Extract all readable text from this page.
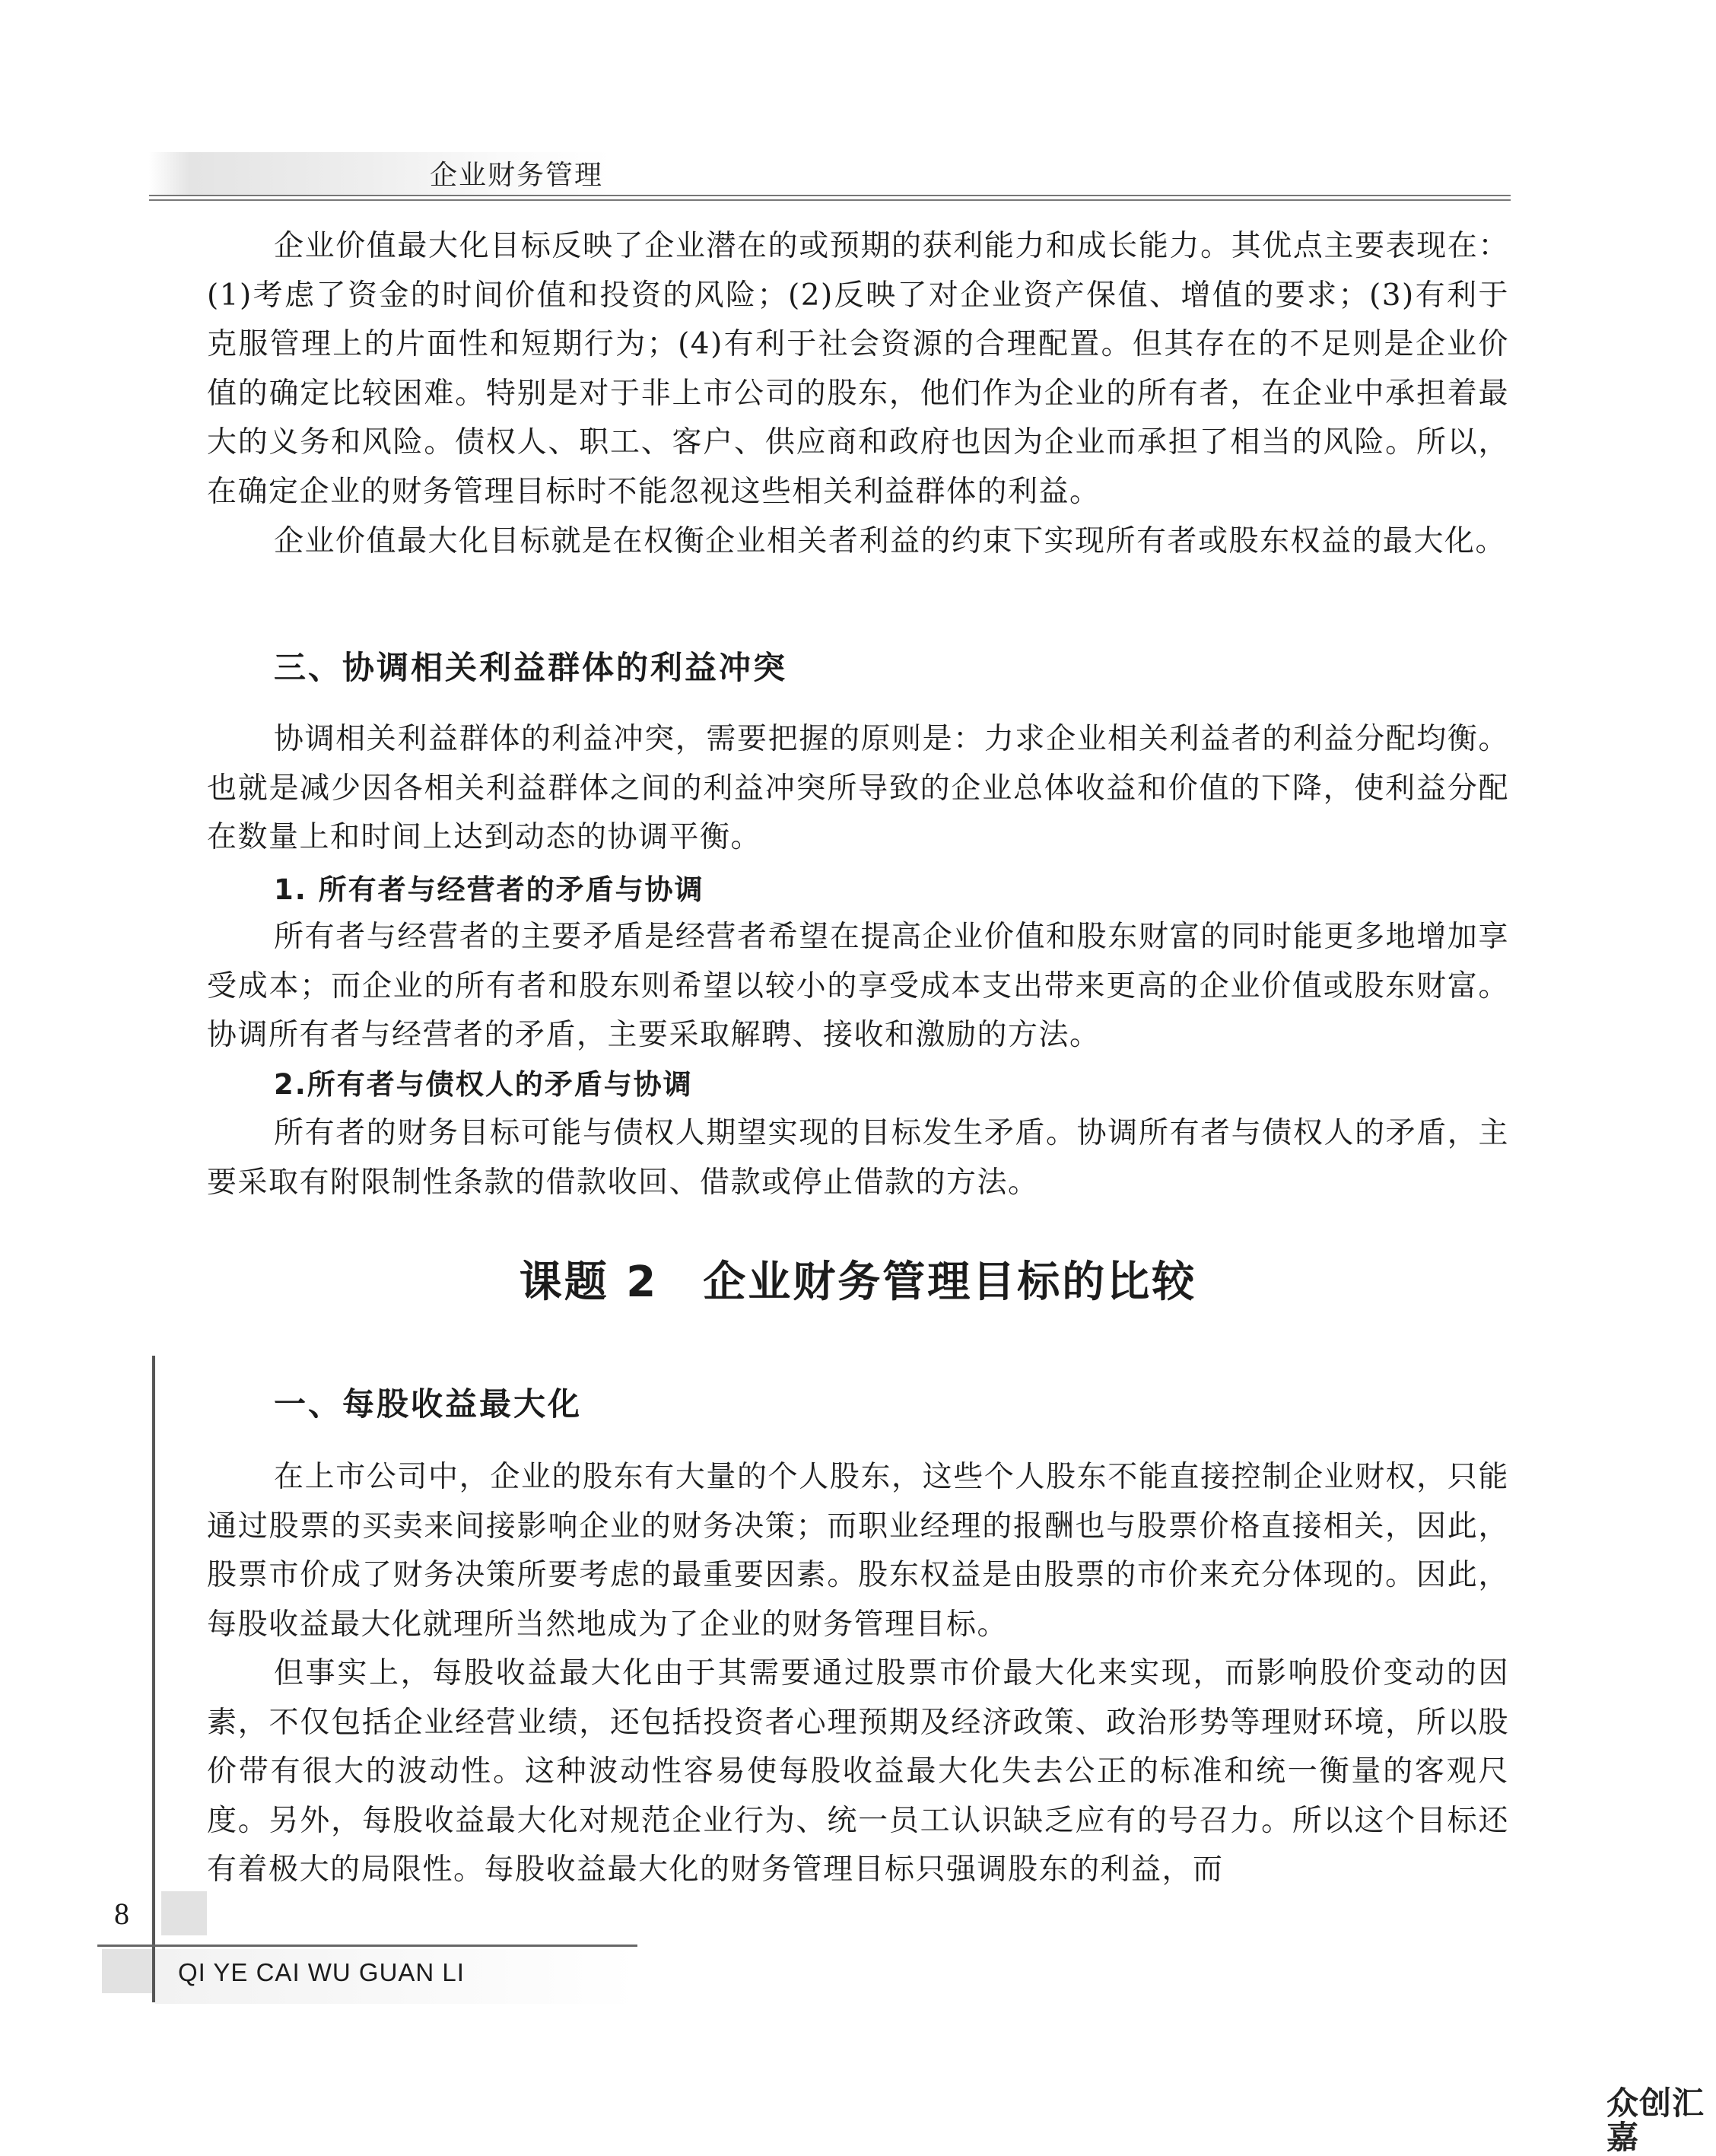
企业财务管理

企业价值最大化目标反映了企业潜在的或预期的获利能力和成长能力。其优点主要表现在：(1)考虑了资金的时间价值和投资的风险；(2)反映了对企业资产保值、增值的要求；(3)有利于克服管理上的片面性和短期行为；(4)有利于社会资源的合理配置。但其存在的不足则是企业价值的确定比较困难。特别是对于非上市公司的股东，他们作为企业的所有者，在企业中承担着最大的义务和风险。债权人、职工、客户、供应商和政府也因为企业而承担了相当的风险。所以，在确定企业的财务管理目标时不能忽视这些相关利益群体的利益。

企业价值最大化目标就是在权衡企业相关者利益的约束下实现所有者或股东权益的最大化。

三、协调相关利益群体的利益冲突

协调相关利益群体的利益冲突，需要把握的原则是：力求企业相关利益者的利益分配均衡。也就是减少因各相关利益群体之间的利益冲突所导致的企业总体收益和价值的下降，使利益分配在数量上和时间上达到动态的协调平衡。

1. 所有者与经营者的矛盾与协调

所有者与经营者的主要矛盾是经营者希望在提高企业价值和股东财富的同时能更多地增加享受成本；而企业的所有者和股东则希望以较小的享受成本支出带来更高的企业价值或股东财富。协调所有者与经营者的矛盾，主要采取解聘、接收和激励的方法。

2.所有者与债权人的矛盾与协调

所有者的财务目标可能与债权人期望实现的目标发生矛盾。协调所有者与债权人的矛盾，主要采取有附限制性条款的借款收回、借款或停止借款的方法。

课题 2　企业财务管理目标的比较
一、每股收益最大化

在上市公司中，企业的股东有大量的个人股东，这些个人股东不能直接控制企业财权，只能通过股票的买卖来间接影响企业的财务决策；而职业经理的报酬也与股票价格直接相关，因此，股票市价成了财务决策所要考虑的最重要因素。股东权益是由股票的市价来充分体现的。因此，每股收益最大化就理所当然地成为了企业的财务管理目标。

但事实上，每股收益最大化由于其需要通过股票市价最大化来实现，而影响股价变动的因素，不仅包括企业经营业绩，还包括投资者心理预期及经济政策、政治形势等理财环境，所以股价带有很大的波动性。这种波动性容易使每股收益最大化失去公正的标准和统一衡量的客观尺度。另外，每股收益最大化对规范企业行为、统一员工认识缺乏应有的号召力。所以这个目标还有着极大的局限性。每股收益最大化的财务管理目标只强调股东的利益，而

8
QI YE CAI WU GUAN LI
众创汇嘉
